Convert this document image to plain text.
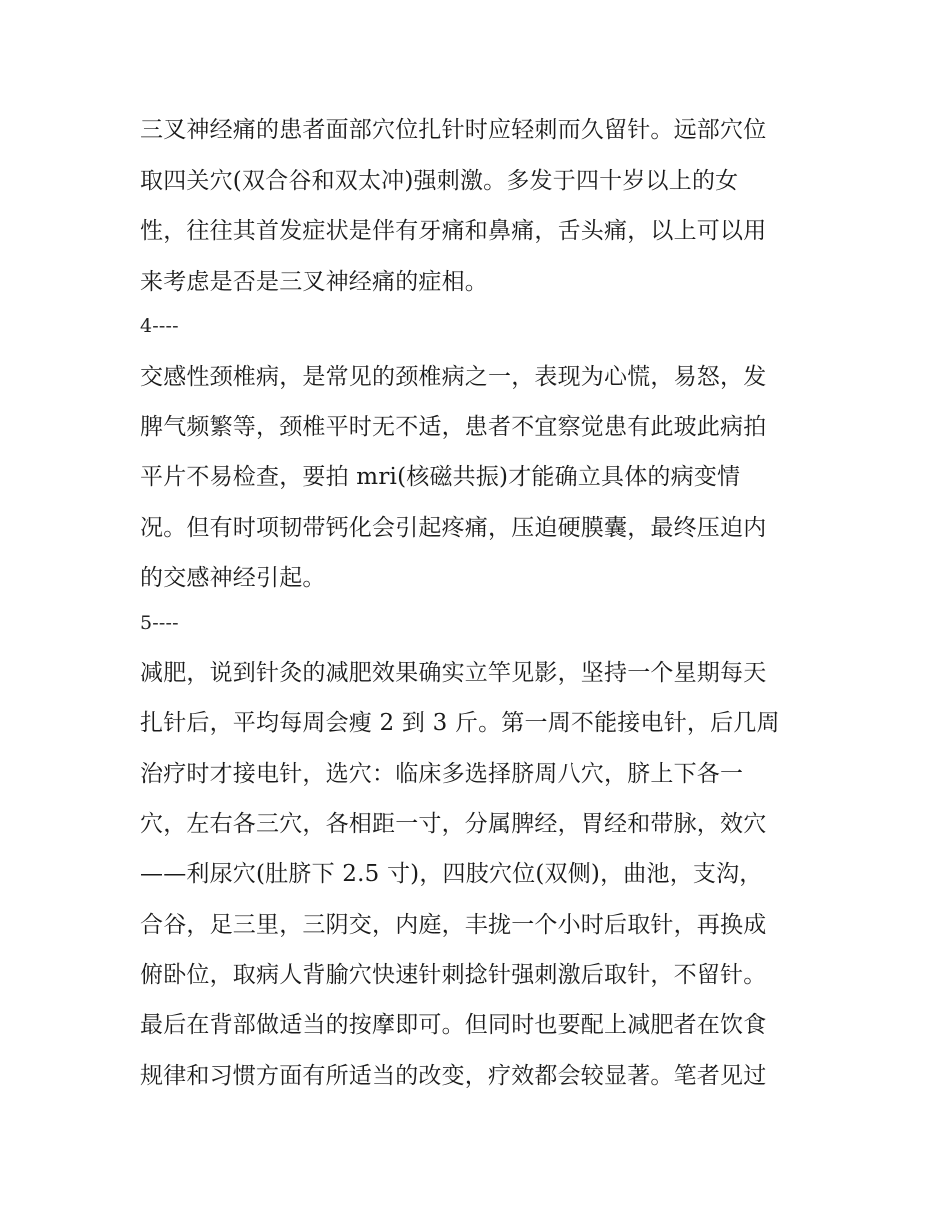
三叉神经痛的患者面部穴位扎针时应轻刺而久留针。远部穴位
取四关穴(双合谷和双太冲)强刺激。多发于四十岁以上的女
性，往往其首发症状是伴有牙痛和鼻痛，舌头痛，以上可以用
来考虑是否是三叉神经痛的症相。
4----
交感性颈椎病，是常见的颈椎病之一，表现为心慌，易怒，发
脾气频繁等，颈椎平时无不适，患者不宜察觉患有此玻此病拍
平片不易检查，要拍 mri(核磁共振)才能确立具体的病变情
况。但有时项韧带钙化会引起疼痛，压迫硬膜囊，最终压迫内
的交感神经引起。
5----
减肥，说到针灸的减肥效果确实立竿见影，坚持一个星期每天
扎针后，平均每周会瘦 2 到 3 斤。第一周不能接电针，后几周
治疗时才接电针，选穴：临床多选择脐周八穴，脐上下各一
穴，左右各三穴，各相距一寸，分属脾经，胃经和带脉，效穴
——利尿穴(肚脐下 2.5 寸)，四肢穴位(双侧)，曲池，支沟，
合谷，足三里，三阴交，内庭，丰拢一个小时后取针，再换成
俯卧位，取病人背腧穴快速针刺捻针强刺激后取针，不留针。
最后在背部做适当的按摩即可。但同时也要配上减肥者在饮食
规律和习惯方面有所适当的改变，疗效都会较显著。笔者见过
